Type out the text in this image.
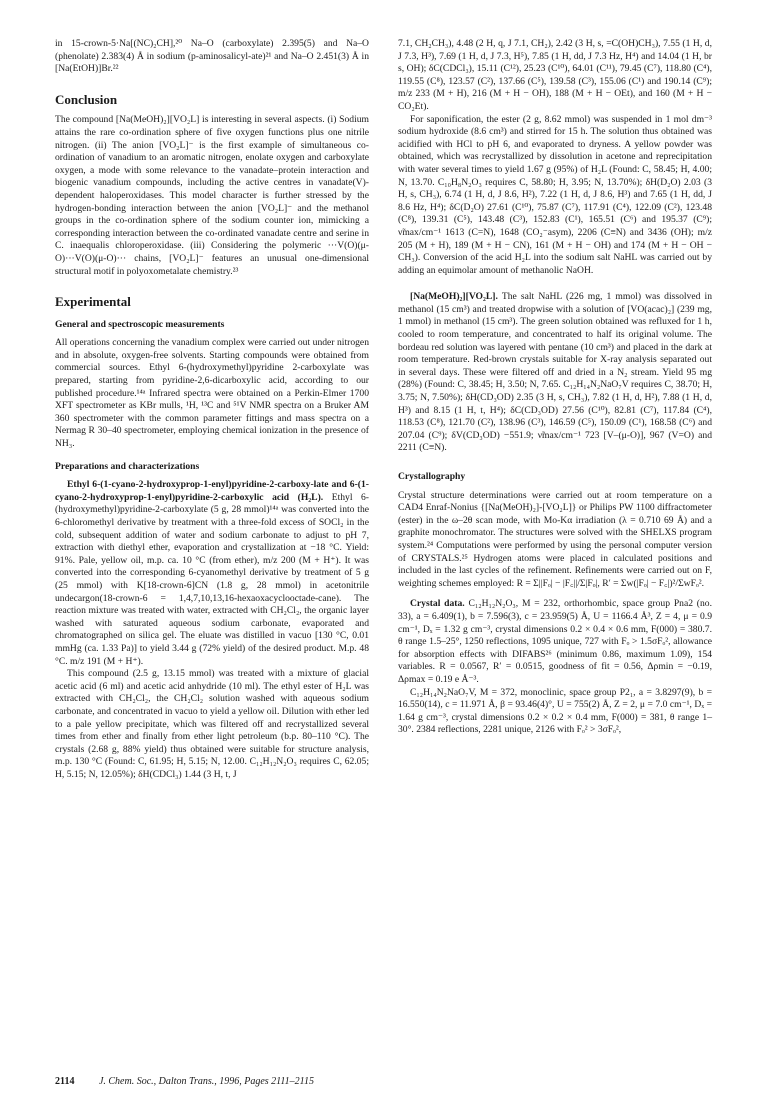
in 15-crown-5·Na[(NC)₂CH],²⁰ Na–O (carboxylate) 2.395(5) and Na–O (phenolate) 2.383(4) Å in sodium (p-aminosalicyl-ate)²¹ and Na–O 2.451(3) Å in [Na(EtOH)]Br.²²

Conclusion

The compound [Na(MeOH)₂][VO₂L] is interesting in several aspects. (i) Sodium attains the rare co-ordination sphere of five oxygen functions plus one nitrile nitrogen. (ii) The anion [VO₂L]⁻ is the first example of simultaneous co-ordination of vanadium to an aromatic nitrogen, enolate oxygen and carboxylate oxygen, a mode with some relevance to the vanadate–protein interaction and biogenic vanadium compounds, including the active centres in vanadate(V)-dependent haloperoxidases. This model character is further stressed by the hydrogen-bonding interaction between the anion [VO₂L]⁻ and the methanol groups in the co-ordination sphere of the sodium counter ion, mimicking a corresponding interaction between the co-ordinated vanadate centre and serine in C. inaequalis chloroperoxidase. (iii) Considering the polymeric ···V(O)(μ-O)···V(O)(μ-O)··· chains, [VO₂L]⁻ features an unusual one-dimensional structural motif in polyoxometalate chemistry.²³

Experimental
General and spectroscopic measurements

All operations concerning the vanadium complex were carried out under nitrogen and in absolute, oxygen-free solvents. Starting compounds were obtained from commercial sources. Ethyl 6-(hydroxymethyl)pyridine 2-carboxylate was prepared, starting from pyridine-2,6-dicarboxylic acid, according to our published procedure.¹⁴ᵃ Infrared spectra were obtained on a Perkin-Elmer 1700 XFT spectrometer as KBr mulls, ¹H, ¹³C and ⁵¹V NMR spectra on a Bruker AM 360 spectrometer with the common parameter fittings and mass spectra on a Nermag R 30–40 spectrometer, employing chemical ionization in the presence of NH₃.

Preparations and characterizations

Ethyl 6-(1-cyano-2-hydroxyprop-1-enyl)pyridine-2-carboxy-late and 6-(1-cyano-2-hydroxyprop-1-enyl)pyridine-2-carboxylic acid (H₂L). Ethyl 6-(hydroxymethyl)pyridine-2-carboxylate (5 g, 28 mmol)¹⁴ᵃ was converted into the 6-chloromethyl derivative by treatment with a three-fold excess of SOCl₂ in the cold, subsequent addition of water and sodium carbonate to adjust to pH 7, extraction with diethyl ether, evaporation and crystallization at −18 °C. Yield: 91%. Pale, yellow oil, m.p. ca. 10 °C (from ether), m/z 200 (M + H⁺). It was converted into the corresponding 6-cyanomethyl derivative by treatment of 5 g (25 mmol) with K[18-crown-6]CN (1.8 g, 28 mmol) in acetonitrile undecargon(18-crown-6 = 1,4,7,10,13,16-hexaoxacyclooctade-cane). The reaction mixture was treated with water, extracted with CH₂Cl₂, the organic layer washed with saturated aqueous sodium carbonate, evaporated and chromatographed on silica gel. The eluate was distilled in vacuo [130 °C, 0.01 mmHg (ca. 1.33 Pa)] to yield 3.44 g (72% yield) of the desired product. M.p. 48 °C. m/z 191 (M + H⁺).

This compound (2.5 g, 13.15 mmol) was treated with a mixture of glacial acetic acid (6 ml) and acetic acid anhydride (10 ml). The ethyl ester of H₂L was extracted with CH₂Cl₂, the CH₂Cl₂ solution washed with aqueous sodium carbonate, and concentrated in vacuo to yield a yellow oil. Dilution with ether led to a pale yellow precipitate, which was filtered off and recrystallized several times from ether and finally from ether light petroleum (b.p. 80–110 °C). The crystals (2.68 g, 88% yield) thus obtained were suitable for structure analysis, m.p. 130 °C (Found: C, 61.95; H, 5.15; N, 12.00. C₁₂H₁₂N₂O₃ requires C, 62.05; H, 5.15; N, 12.05%); δH(CDCl₃) 1.44 (3 H, t, J

7.1, CH₂CH₃), 4.48 (2 H, q, J 7.1, CH₂), 2.42 (3 H, s, =C(OH)CH₃), 7.55 (1 H, d, J 7.3, H³), 7.69 (1 H, d, J 7.3, H⁵), 7.85 (1 H, dd, J 7.3 Hz, H⁴) and 14.04 (1 H, br s, OH); δC(CDCl₃), 15.11 (C¹²), 25.23 (C¹⁰), 64.01 (C¹¹), 79.45 (C⁷), 118.80 (C⁴), 119.55 (C⁸), 123.57 (C²), 137.66 (C⁵), 139.58 (C³), 155.06 (C¹) and 190.14 (C⁹); m/z 233 (M + H), 216 (M + H − OH), 188 (M + H − OEt), and 160 (M + H − CO₂Et).

For saponification, the ester (2 g, 8.62 mmol) was suspended in 1 mol dm⁻³ sodium hydroxide (8.6 cm³) and stirred for 15 h. The solution thus obtained was acidified with HCl to pH 6, and evaporated to dryness. A yellow powder was obtained, which was recrystallized by dissolution in acetone and reprecipitation with water several times to yield 1.67 g (95%) of H₂L (Found: C, 58.45; H, 4.00; N, 13.70. C₁₀H₈N₂O₃ requires C, 58.80; H, 3.95; N, 13.70%); δH(D₂O) 2.03 (3 H, s, CH₃), 6.74 (1 H, d, J 8.6, H²), 7.22 (1 H, d, J 8.6, H³) and 7.65 (1 H, dd, J 8.6 Hz, H⁴); δC(D₂O) 27.61 (C¹⁰), 75.87 (C⁷), 117.91 (C⁴), 122.09 (C²), 123.48 (C⁸), 139.31 (C⁵), 143.48 (C³), 152.83 (C¹), 165.51 (C⁶) and 195.37 (C⁹); ν̃max/cm⁻¹ 1613 (C=N), 1648 (CO₂⁻asym), 2206 (C≡N) and 3436 (OH); m/z 205 (M + H), 189 (M + H − CN), 161 (M + H − OH) and 174 (M + H − OH − CH₃). Conversion of the acid H₂L into the sodium salt NaHL was carried out by adding an equimolar amount of methanolic NaOH.

[Na(MeOH)₂][VO₂L]. The salt NaHL (226 mg, 1 mmol) was dissolved in methanol (15 cm³) and treated dropwise with a solution of [VO(acac)₂] (239 mg, 1 mmol) in methanol (15 cm³). The green solution obtained was refluxed for 1 h, cooled to room temperature, and concentrated to half its original volume. The bordeau red solution was layered with pentane (10 cm³) and placed in the dark at room temperature. Red-brown crystals suitable for X-ray analysis separated out in several days. These were filtered off and dried in a N₂ stream. Yield 95 mg (28%) (Found: C, 38.45; H, 3.50; N, 7.65. C₁₂H₁₄N₂NaO₇V requires C, 38.70; H, 3.75; N, 7.50%); δH(CD₃OD) 2.35 (3 H, s, CH₃), 7.82 (1 H, d, H²), 7.88 (1 H, d, H³) and 8.15 (1 H, t, H⁴); δC(CD₃OD) 27.56 (C¹⁰), 82.81 (C⁷), 117.84 (C⁴), 118.53 (C⁸), 121.70 (C²), 138.96 (C³), 146.59 (C⁵), 150.09 (C¹), 168.58 (C⁶) and 207.04 (C⁹); δV(CD₃OD) −551.9; ν̃max/cm⁻¹ 723 [V–(μ-O)], 967 (V=O) and 2211 (C≡N).

Crystallography

Crystal structure determinations were carried out at room temperature on a CAD4 Enraf-Nonius {[Na(MeOH)₂]-[VO₂L]} or Philips PW 1100 diffractometer (ester) in the ω–2θ scan mode, with Mo-Kα irradiation (λ = 0.710 69 Å) and a graphite monochromator. The structures were solved with the SHELXS program system.²⁴ Computations were performed by using the personal computer version of CRYSTALS.²⁵ Hydrogen atoms were placed in calculated positions and included in the last cycles of the refinement. Refinements were carried out on F, weighting schemes employed: R = Σ||Fₒ| − |F꜀||/Σ|Fₒ|, R′ = Σw(|Fₒ| − F꜀|)²/ΣwFₒ².

Crystal data. C₁₂H₁₂N₂O₃, M = 232, orthorhombic, space group Pna2 (no. 33), a = 6.409(1), b = 7.596(3), c = 23.959(5) Å, U = 1166.4 Å³, Z = 4, μ = 0.9 cm⁻¹, Dₓ = 1.32 g cm⁻³, crystal dimensions 0.2 × 0.4 × 0.6 mm, F(000) = 380.7. θ range 1.5–25°, 1250 reflections, 1095 unique, 727 with Fₒ > 1.5σFₒ², allowance for absorption effects with DIFABS²⁶ (minimum 0.86, maximum 1.09), 154 variables. R = 0.0567, R′ = 0.0515, goodness of fit = 0.56, Δρmin = −0.19, Δρmax = 0.19 e Å⁻³.

C₁₂H₁₄N₂NaO₇V, M = 372, monoclinic, space group P2₁, a = 3.8297(9), b = 16.550(14), c = 11.971 Å, β = 93.46(4)°, U = 755(2) Å, Z = 2, μ = 7.0 cm⁻¹, Dₓ = 1.64 g cm⁻³, crystal dimensions 0.2 × 0.2 × 0.4 mm, F(000) = 381, θ range 1–30°. 2384 reflections, 2281 unique, 2126 with Fₒ² > 3σFₒ²,

2114 J. Chem. Soc., Dalton Trans., 1996, Pages 2111–2115
